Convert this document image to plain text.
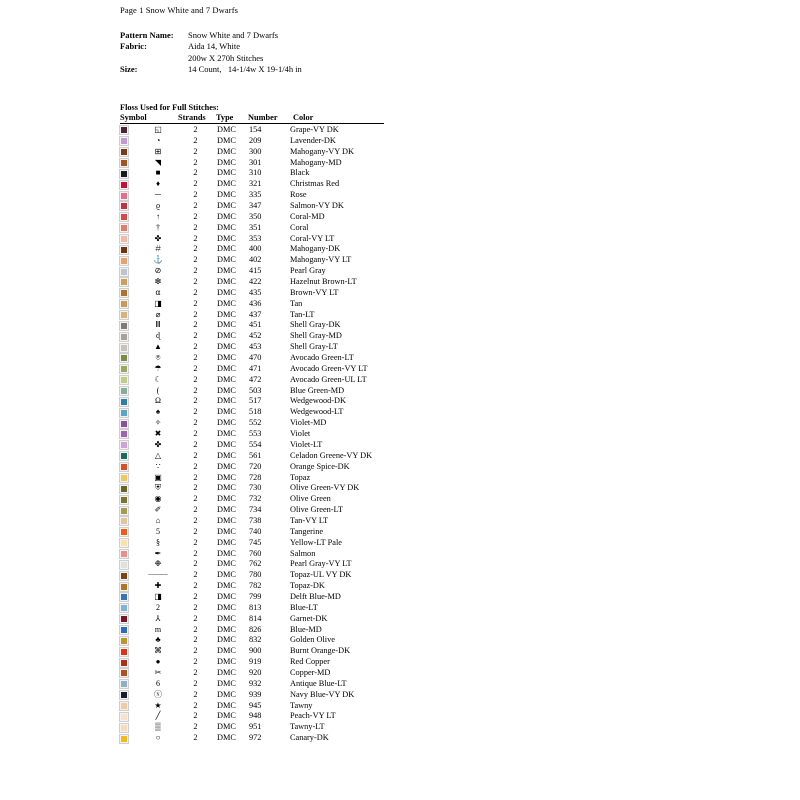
Page 1 Snow White and 7 Dwarfs
Pattern Name:	Snow White and 7 Dwarfs
Fabric:	Aida 14, White
200w X 270h Stitches
Size:	14 Count,   14-1/4w X 19-1/4h in
Floss Used for Full Stitches:
Symbol	Strands	Type	Number	Color
◱	2	DMC	154	Grape-VY DK
◔	2	DMC	209	Lavender-DK
⊞	2	DMC	300	Mahogany-VY DK
◥	2	DMC	301	Mahogany-MD
■	2	DMC	310	Black
♦	2	DMC	321	Christmas Red
⏤	2	DMC	335	Rose
ϱ	2	DMC	347	Salmon-VY DK
↑	2	DMC	350	Coral-MD
†	2	DMC	351	Coral
✤	2	DMC	353	Coral-VY LT
＃	2	DMC	400	Mahogany-DK
⚓	2	DMC	402	Mahogany-VY LT
⊘	2	DMC	415	Pearl Gray
❇	2	DMC	422	Hazelnut Brown-LT
⍺	2	DMC	435	Brown-VY LT
◨	2	DMC	436	Tan
⌀	2	DMC	437	Tan-LT
Ⅲ	2	DMC	451	Shell Gray-DK
ɖ	2	DMC	452	Shell Gray-MD
▲	2	DMC	453	Shell Gray-LT
⍟	2	DMC	470	Avocado Green-LT
☂	2	DMC	471	Avocado Green-VY LT
☾	2	DMC	472	Avocado Green-UL LT
(	2	DMC	503	Blue Green-MD
Ω	2	DMC	517	Wedgewood-DK
♠	2	DMC	518	Wedgewood-LT
✧	2	DMC	552	Violet-MD
✖	2	DMC	553	Violet
✤	2	DMC	554	Violet-LT
△	2	DMC	561	Celadon Greene-VY DK
∵	2	DMC	720	Orange Spice-DK
▣	2	DMC	728	Topaz
⛨	2	DMC	730	Olive Green-VY DK
◉	2	DMC	732	Olive Green
✐	2	DMC	734	Olive Green-LT
⌂	2	DMC	738	Tan-VY LT
5	2	DMC	740	Tangerine
§	2	DMC	745	Yellow-LT Pale
✒	2	DMC	760	Salmon
❉	2	DMC	762	Pearl Gray-VY LT
⸻	2	DMC	780	Topaz-UL VY DK
✚	2	DMC	782	Topaz-DK
◨	2	DMC	799	Delft Blue-MD
2	2	DMC	813	Blue-LT
⅄	2	DMC	814	Garnet-DK
m	2	DMC	826	Blue-MD
♣	2	DMC	832	Golden Olive
⌘	2	DMC	900	Burnt Orange-DK
●	2	DMC	919	Red Copper
✂	2	DMC	920	Copper-MD
6	2	DMC	932	Antique Blue-LT
ⓧ	2	DMC	939	Navy Blue-VY DK
★	2	DMC	945	Tawny
╱	2	DMC	948	Peach-VY LT
▒	2	DMC	951	Tawny-LT
○	2	DMC	972	Canary-DK
